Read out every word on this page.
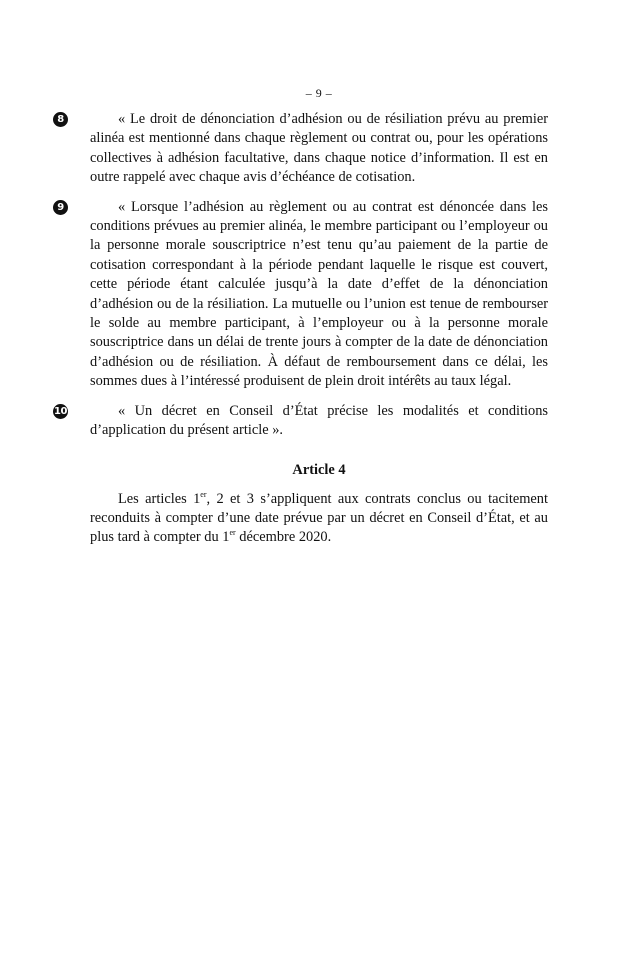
– 9 –

8	« Le droit de dénonciation d’adhésion ou de résiliation prévu au premier alinéa est mentionné dans chaque règlement ou contrat ou, pour les opérations collectives à adhésion facultative, dans chaque notice d’information. Il est en outre rappelé avec chaque avis d’échéance de cotisation.

9	« Lorsque l’adhésion au règlement ou au contrat est dénoncée dans les conditions prévues au premier alinéa, le membre participant ou l’employeur ou la personne morale souscriptrice n’est tenu qu’au paiement de la partie de cotisation correspondant à la période pendant laquelle le risque est couvert, cette période étant calculée jusqu’à la date d’effet de la dénonciation d’adhésion ou de la résiliation. La mutuelle ou l’union est tenue de rembourser le solde au membre participant, à l’employeur ou à la personne morale souscriptrice dans un délai de trente jours à compter de la date de dénonciation d’adhésion ou de résiliation. À défaut de remboursement dans ce délai, les sommes dues à l’intéressé produisent de plein droit intérêts au taux légal.

10	« Un décret en Conseil d’État précise les modalités et conditions d’application du présent article ».

Article 4

Les articles 1er, 2 et 3 s’appliquent aux contrats conclus ou tacitement reconduits à compter d’une date prévue par un décret en Conseil d’État, et au plus tard à compter du 1er décembre 2020.
